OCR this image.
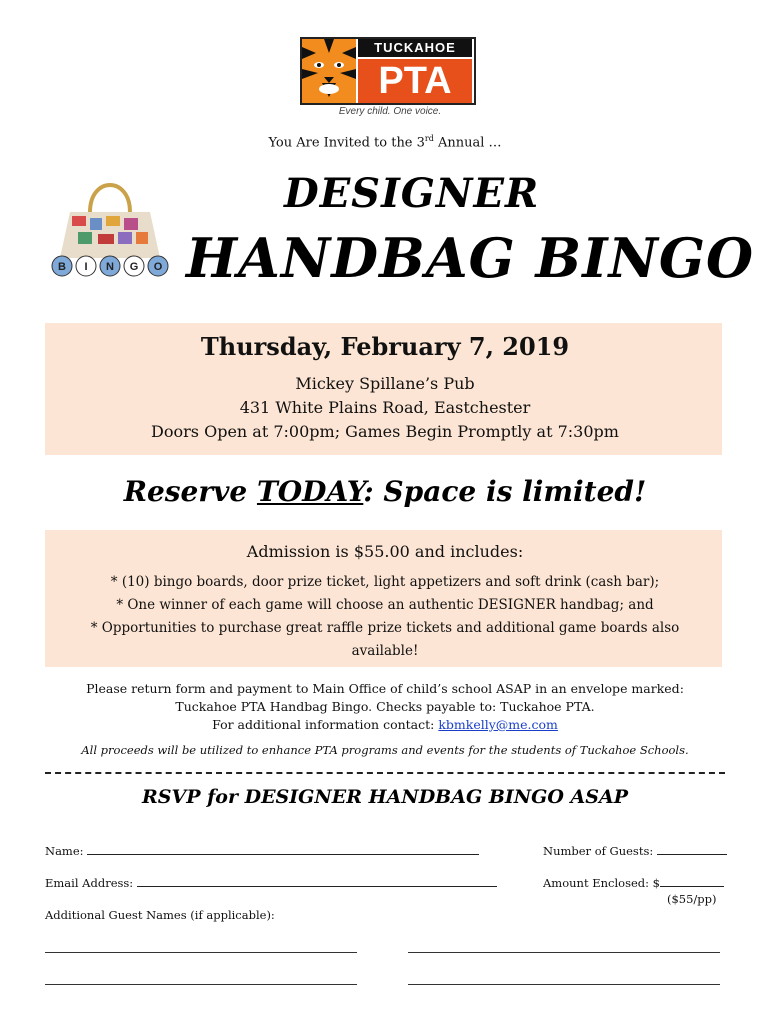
TUCKAHOE
PTA
Every child. One voice.
You Are Invited to the 3rd Annual …
B I N G O
DESIGNER
HANDBAG BINGO
Thursday, February 7, 2019
Mickey Spillane’s Pub
431 White Plains Road, Eastchester
Doors Open at 7:00pm; Games Begin Promptly at 7:30pm
Reserve TODAY: Space is limited!
Admission is $55.00 and includes:
* (10) bingo boards, door prize ticket, light appetizers and soft drink (cash bar);
* One winner of each game will choose an authentic DESIGNER handbag; and
* Opportunities to purchase great raffle prize tickets and additional game boards also available!
Please return form and payment to Main Office of child’s school ASAP in an envelope marked:
Tuckahoe PTA Handbag Bingo. Checks payable to: Tuckahoe PTA.
For additional information contact: kbmkelly@me.com
All proceeds will be utilized to enhance PTA programs and events for the students of Tuckahoe Schools.
RSVP for DESIGNER HANDBAG BINGO ASAP
Name:	Number of Guests:
Email Address:	Amount Enclosed: $
($55/pp)
Additional Guest Names (if applicable):
